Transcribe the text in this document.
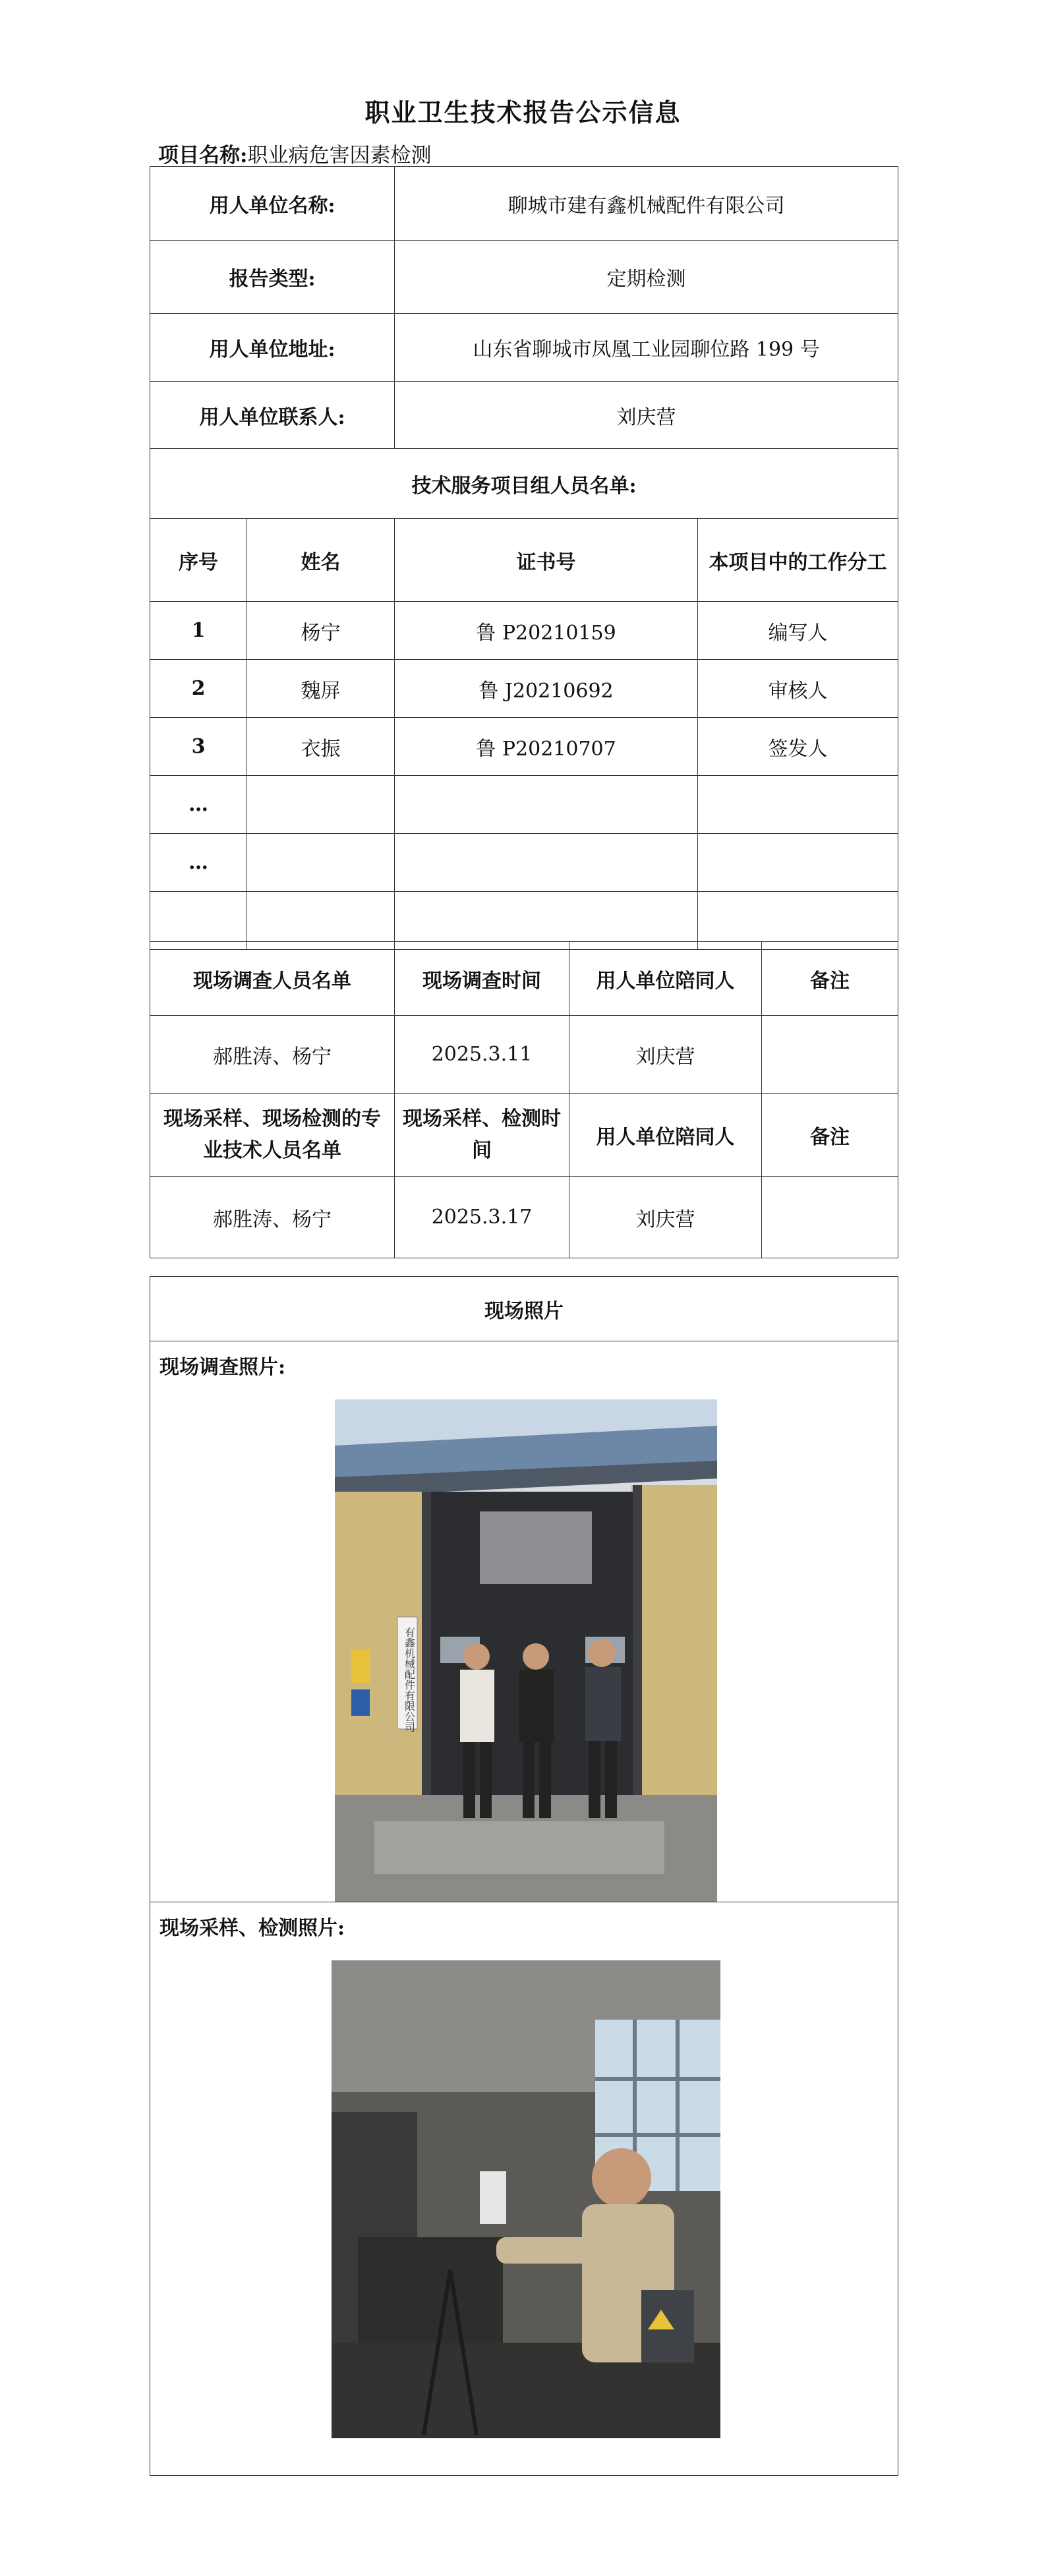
职业卫生技术报告公示信息
项目名称:职业病危害因素检测
用人单位名称:		聊城市建有鑫机械配件有限公司	
报告类型:		定期检测	
用人单位地址:		山东省聊城市凤凰工业园聊位路 199 号	
用人单位联系人:		刘庆营	
技术服务项目组人员名单:			
序号	姓名	证书号	本项目中的工作分工
1	杨宁	鲁 P20210159	编写人
2	魏屏	鲁 J20210692	审核人
3	衣振	鲁 P20210707	签发人
…			
…			

现场调查人员名单	现场调查时间	用人单位陪同人	备注
郝胜涛、杨宁	2025.3.11	刘庆营	
现场采样、现场检测的专业技术人员名单	现场采样、检测时间	用人单位陪同人	备注
郝胜涛、杨宁	2025.3.17	刘庆营	
现场照片

现场调查照片:
有鑫机械配件有限公司

现场采样、检测照片:
